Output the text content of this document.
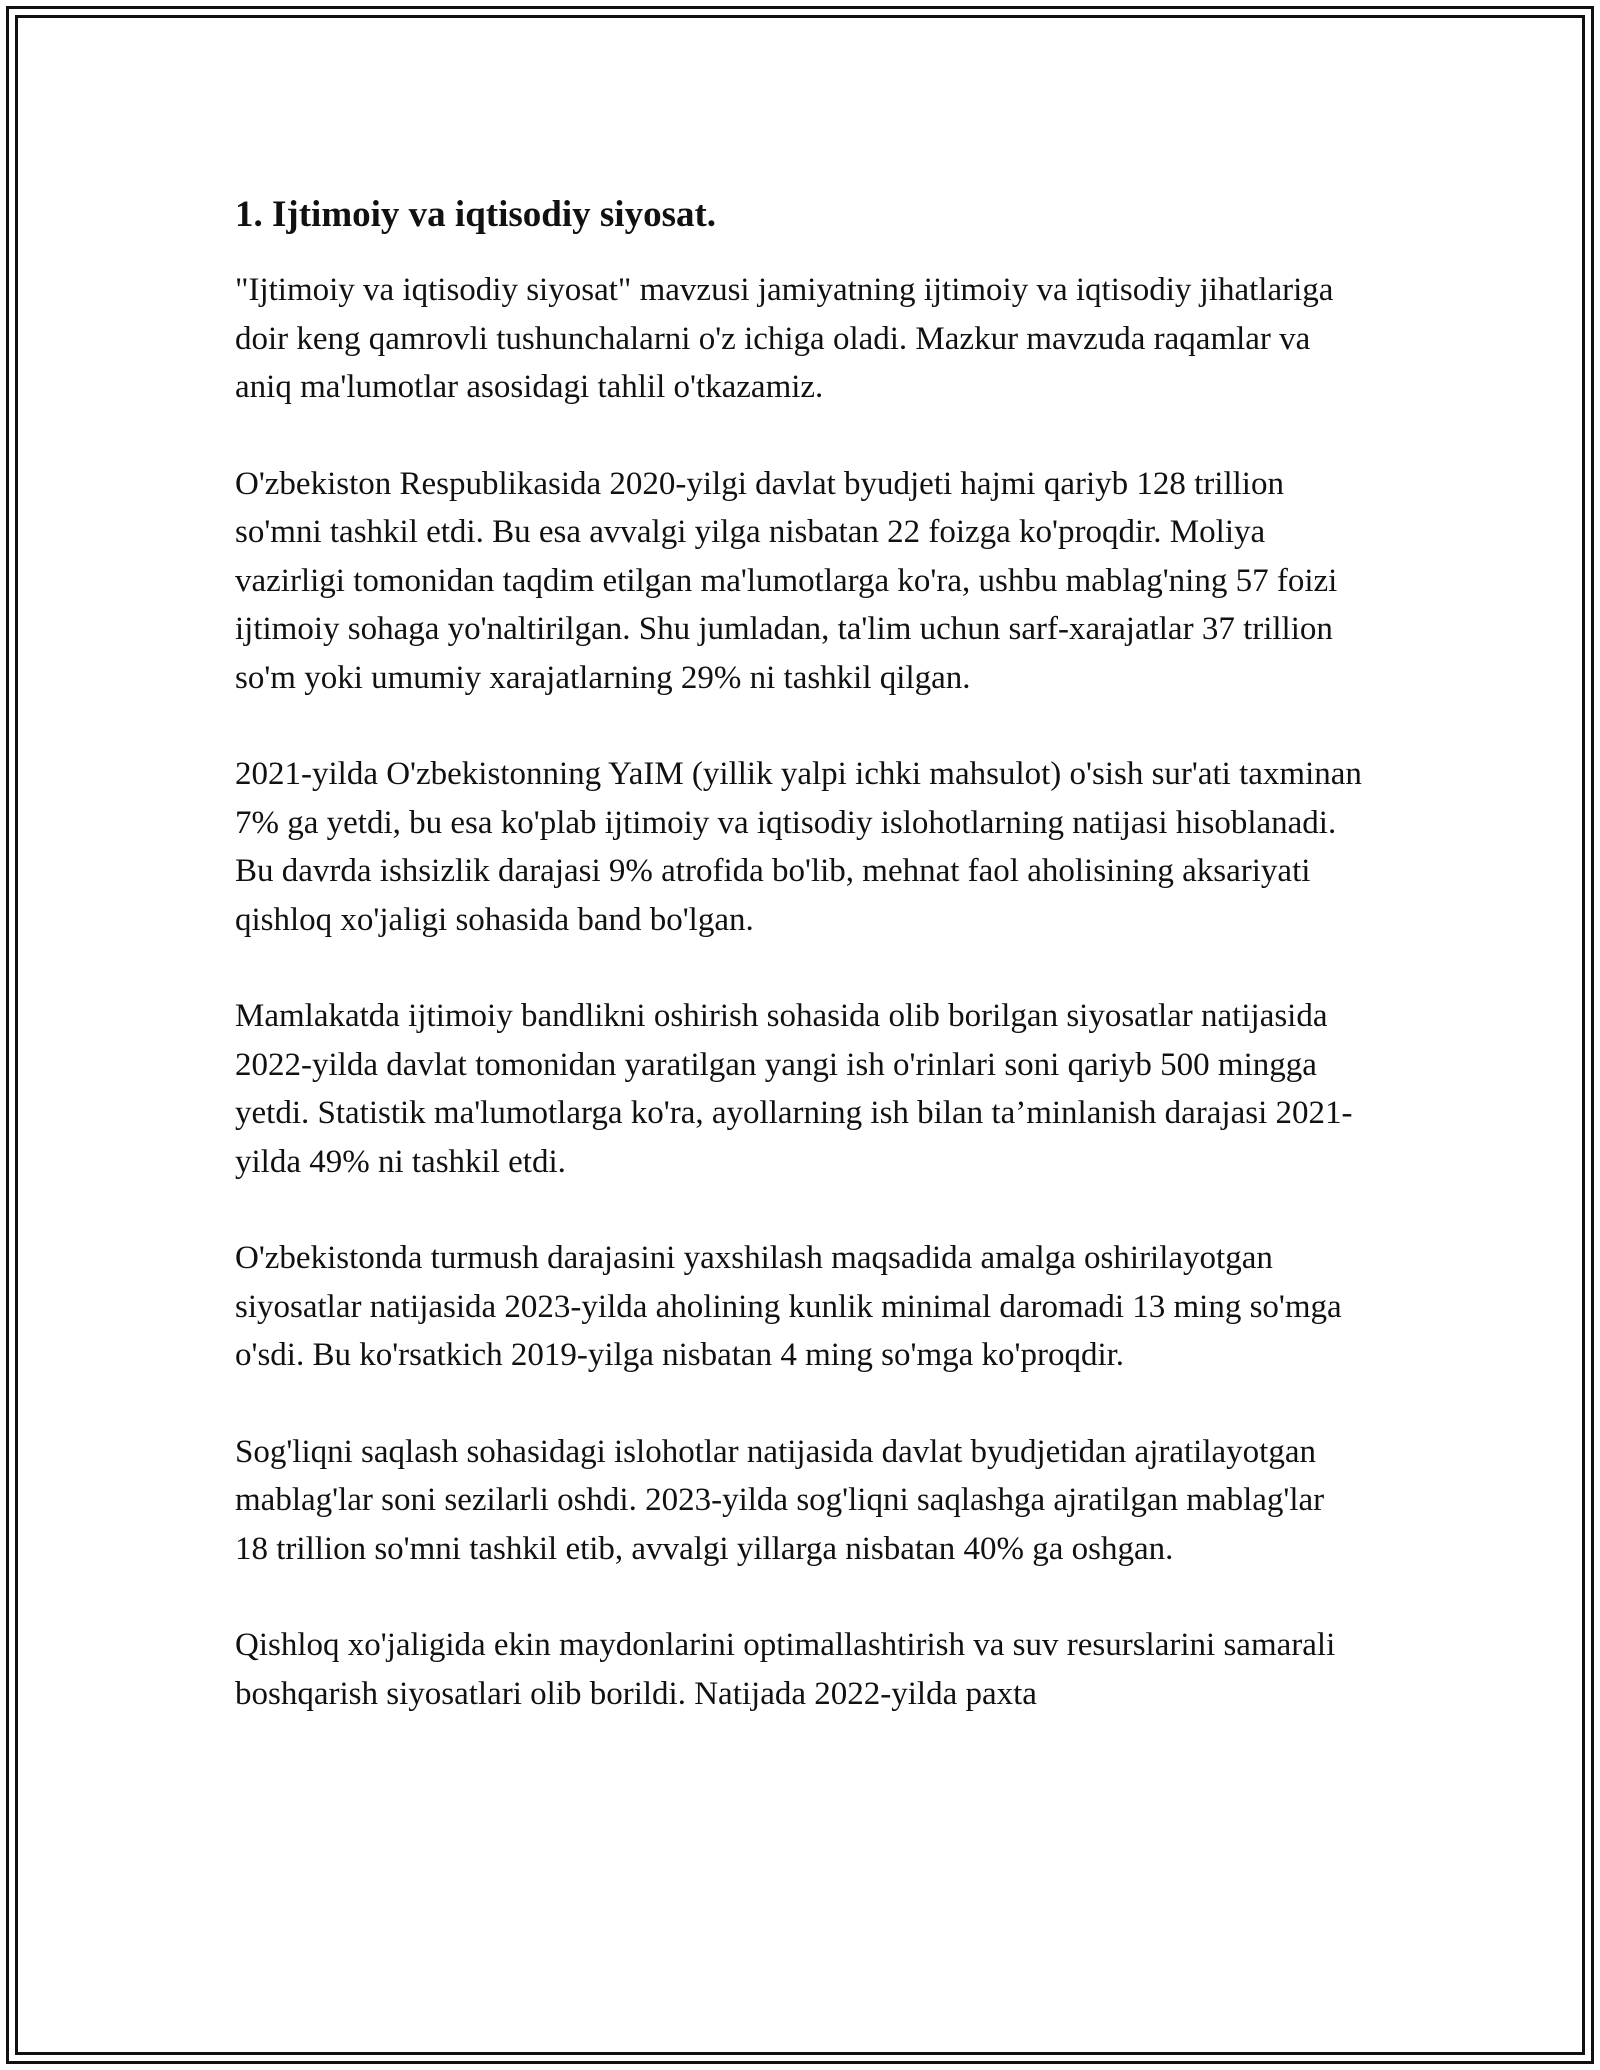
1. Ijtimoiy va iqtisodiy siyosat.

"Ijtimoiy va iqtisodiy siyosat" mavzusi jamiyatning ijtimoiy va iqtisodiy jihatlariga doir keng qamrovli tushunchalarni o'z ichiga oladi. Mazkur mavzuda raqamlar va aniq ma'lumotlar asosidagi tahlil o'tkazamiz.

O'zbekiston Respublikasida 2020-yilgi davlat byudjeti hajmi qariyb 128 trillion so'mni tashkil etdi. Bu esa avvalgi yilga nisbatan 22 foizga ko'proqdir. Moliya vazirligi tomonidan taqdim etilgan ma'lumotlarga ko'ra, ushbu mablag'ning 57 foizi ijtimoiy sohaga yo'naltirilgan. Shu jumladan, ta'lim uchun sarf-xarajatlar 37 trillion so'm yoki umumiy xarajatlarning 29% ni tashkil qilgan.

2021-yilda O'zbekistonning YaIM (yillik yalpi ichki mahsulot) o'sish sur'ati taxminan 7% ga yetdi, bu esa ko'plab ijtimoiy va iqtisodiy islohotlarning natijasi hisoblanadi. Bu davrda ishsizlik darajasi 9% atrofida bo'lib, mehnat faol aholisining aksariyati qishloq xo'jaligi sohasida band bo'lgan.

Mamlakatda ijtimoiy bandlikni oshirish sohasida olib borilgan siyosatlar natijasida 2022-yilda davlat tomonidan yaratilgan yangi ish o'rinlari soni qariyb 500 mingga yetdi. Statistik ma'lumotlarga ko'ra, ayollarning ish bilan ta’minlanish darajasi 2021-yilda 49% ni tashkil etdi.

O'zbekistonda turmush darajasini yaxshilash maqsadida amalga oshirilayotgan siyosatlar natijasida 2023-yilda aholining kunlik minimal daromadi 13 ming so'mga o'sdi. Bu ko'rsatkich 2019-yilga nisbatan 4 ming so'mga ko'proqdir.

Sog'liqni saqlash sohasidagi islohotlar natijasida davlat byudjetidan ajratilayotgan mablag'lar soni sezilarli oshdi. 2023-yilda sog'liqni saqlashga ajratilgan mablag'lar 18 trillion so'mni tashkil etib, avvalgi yillarga nisbatan 40% ga oshgan.

Qishloq xo'jaligida ekin maydonlarini optimallashtirish va suv resurslarini samarali boshqarish siyosatlari olib borildi. Natijada 2022-yilda paxta
